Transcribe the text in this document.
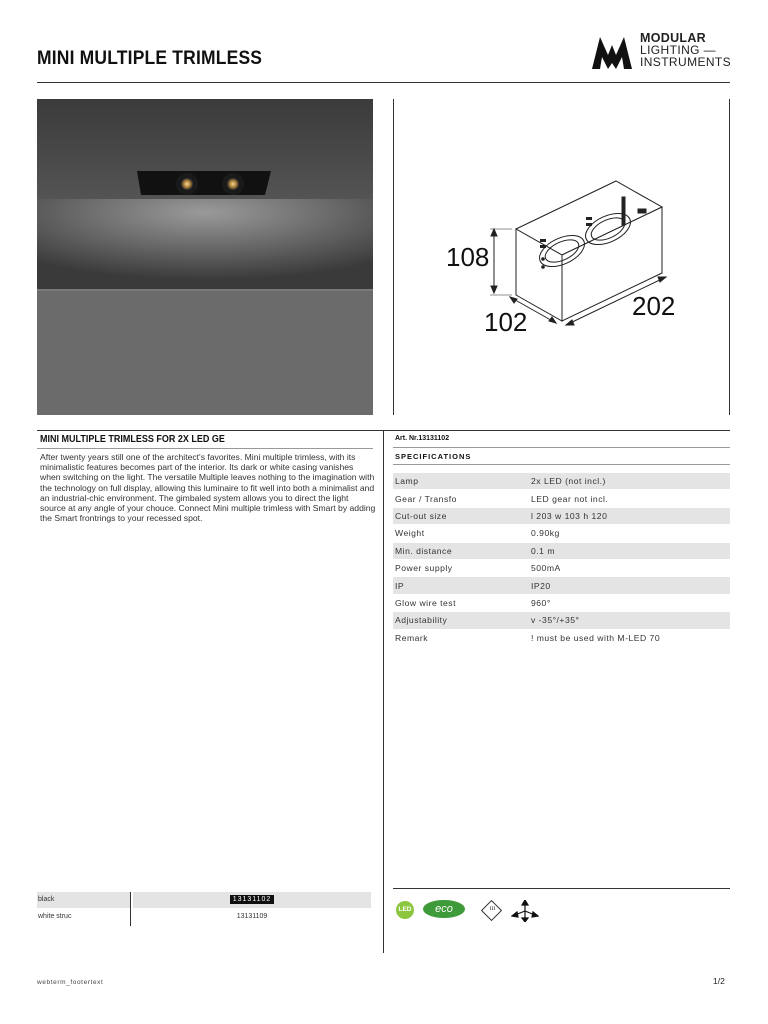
MINI MULTIPLE TRIMLESS
MODULAR
LIGHTING —
INSTRUMENTS
108
102
202
MINI MULTIPLE TRIMLESS FOR 2X LED GE
After twenty years still one of the architect's favorites. Mini multiple trimless, with its minimalistic features becomes part of the interior. Its dark or white casing vanishes when switching on the light. The versatile Multiple leaves nothing to the imagination with the technology on full display, allowing this luminaire to fit well into both a minimalist and an industrial-chic environment. The gimbaled system allows you to direct the light source at any angle of your chouce. Connect Mini multiple trimless with Smart by adding the Smart frontrings to your recessed spot.
Art. Nr.13131102
SPECIFICATIONS
Lamp	2x LED (not incl.)
Gear / Transfo	LED gear not incl.
Cut-out size	l 203 w 103 h 120
Weight	0.90kg
Min. distance	0.1 m
Power supply	500mA
IP	IP20
Glow wire test	960°
Adjustability	v -35°/+35°
Remark	! must be used with M-LED 70
black	13131102
white struc	13131109
LED	eco	III
webterm_footertext	1/2
